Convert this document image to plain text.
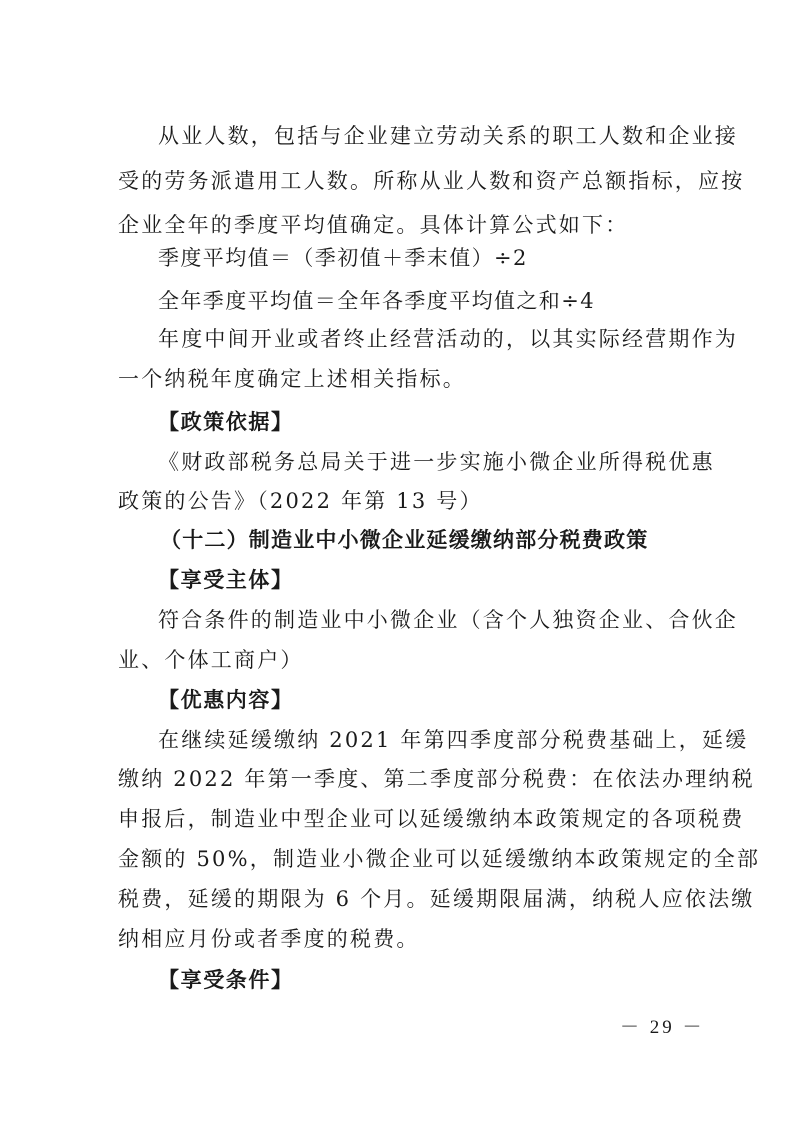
从业人数，包括与企业建立劳动关系的职工人数和企业接
受的劳务派遣用工人数。所称从业人数和资产总额指标，应按
企业全年的季度平均值确定。具体计算公式如下：
季度平均值＝（季初值＋季末值）÷2
全年季度平均值＝全年各季度平均值之和÷4
年度中间开业或者终止经营活动的，以其实际经营期作为
一个纳税年度确定上述相关指标。
【政策依据】
《财政部税务总局关于进一步实施小微企业所得税优惠
政策的公告》（2022 年第 13 号）
（十二）制造业中小微企业延缓缴纳部分税费政策
【享受主体】
符合条件的制造业中小微企业（含个人独资企业、合伙企
业、个体工商户）
【优惠内容】
在继续延缓缴纳 2021 年第四季度部分税费基础上，延缓
缴纳 2022 年第一季度、第二季度部分税费：在依法办理纳税
申报后，制造业中型企业可以延缓缴纳本政策规定的各项税费
金额的 50%，制造业小微企业可以延缓缴纳本政策规定的全部
税费，延缓的期限为 6 个月。延缓期限届满，纳税人应依法缴
纳相应月份或者季度的税费。
【享受条件】
－ 29 －
